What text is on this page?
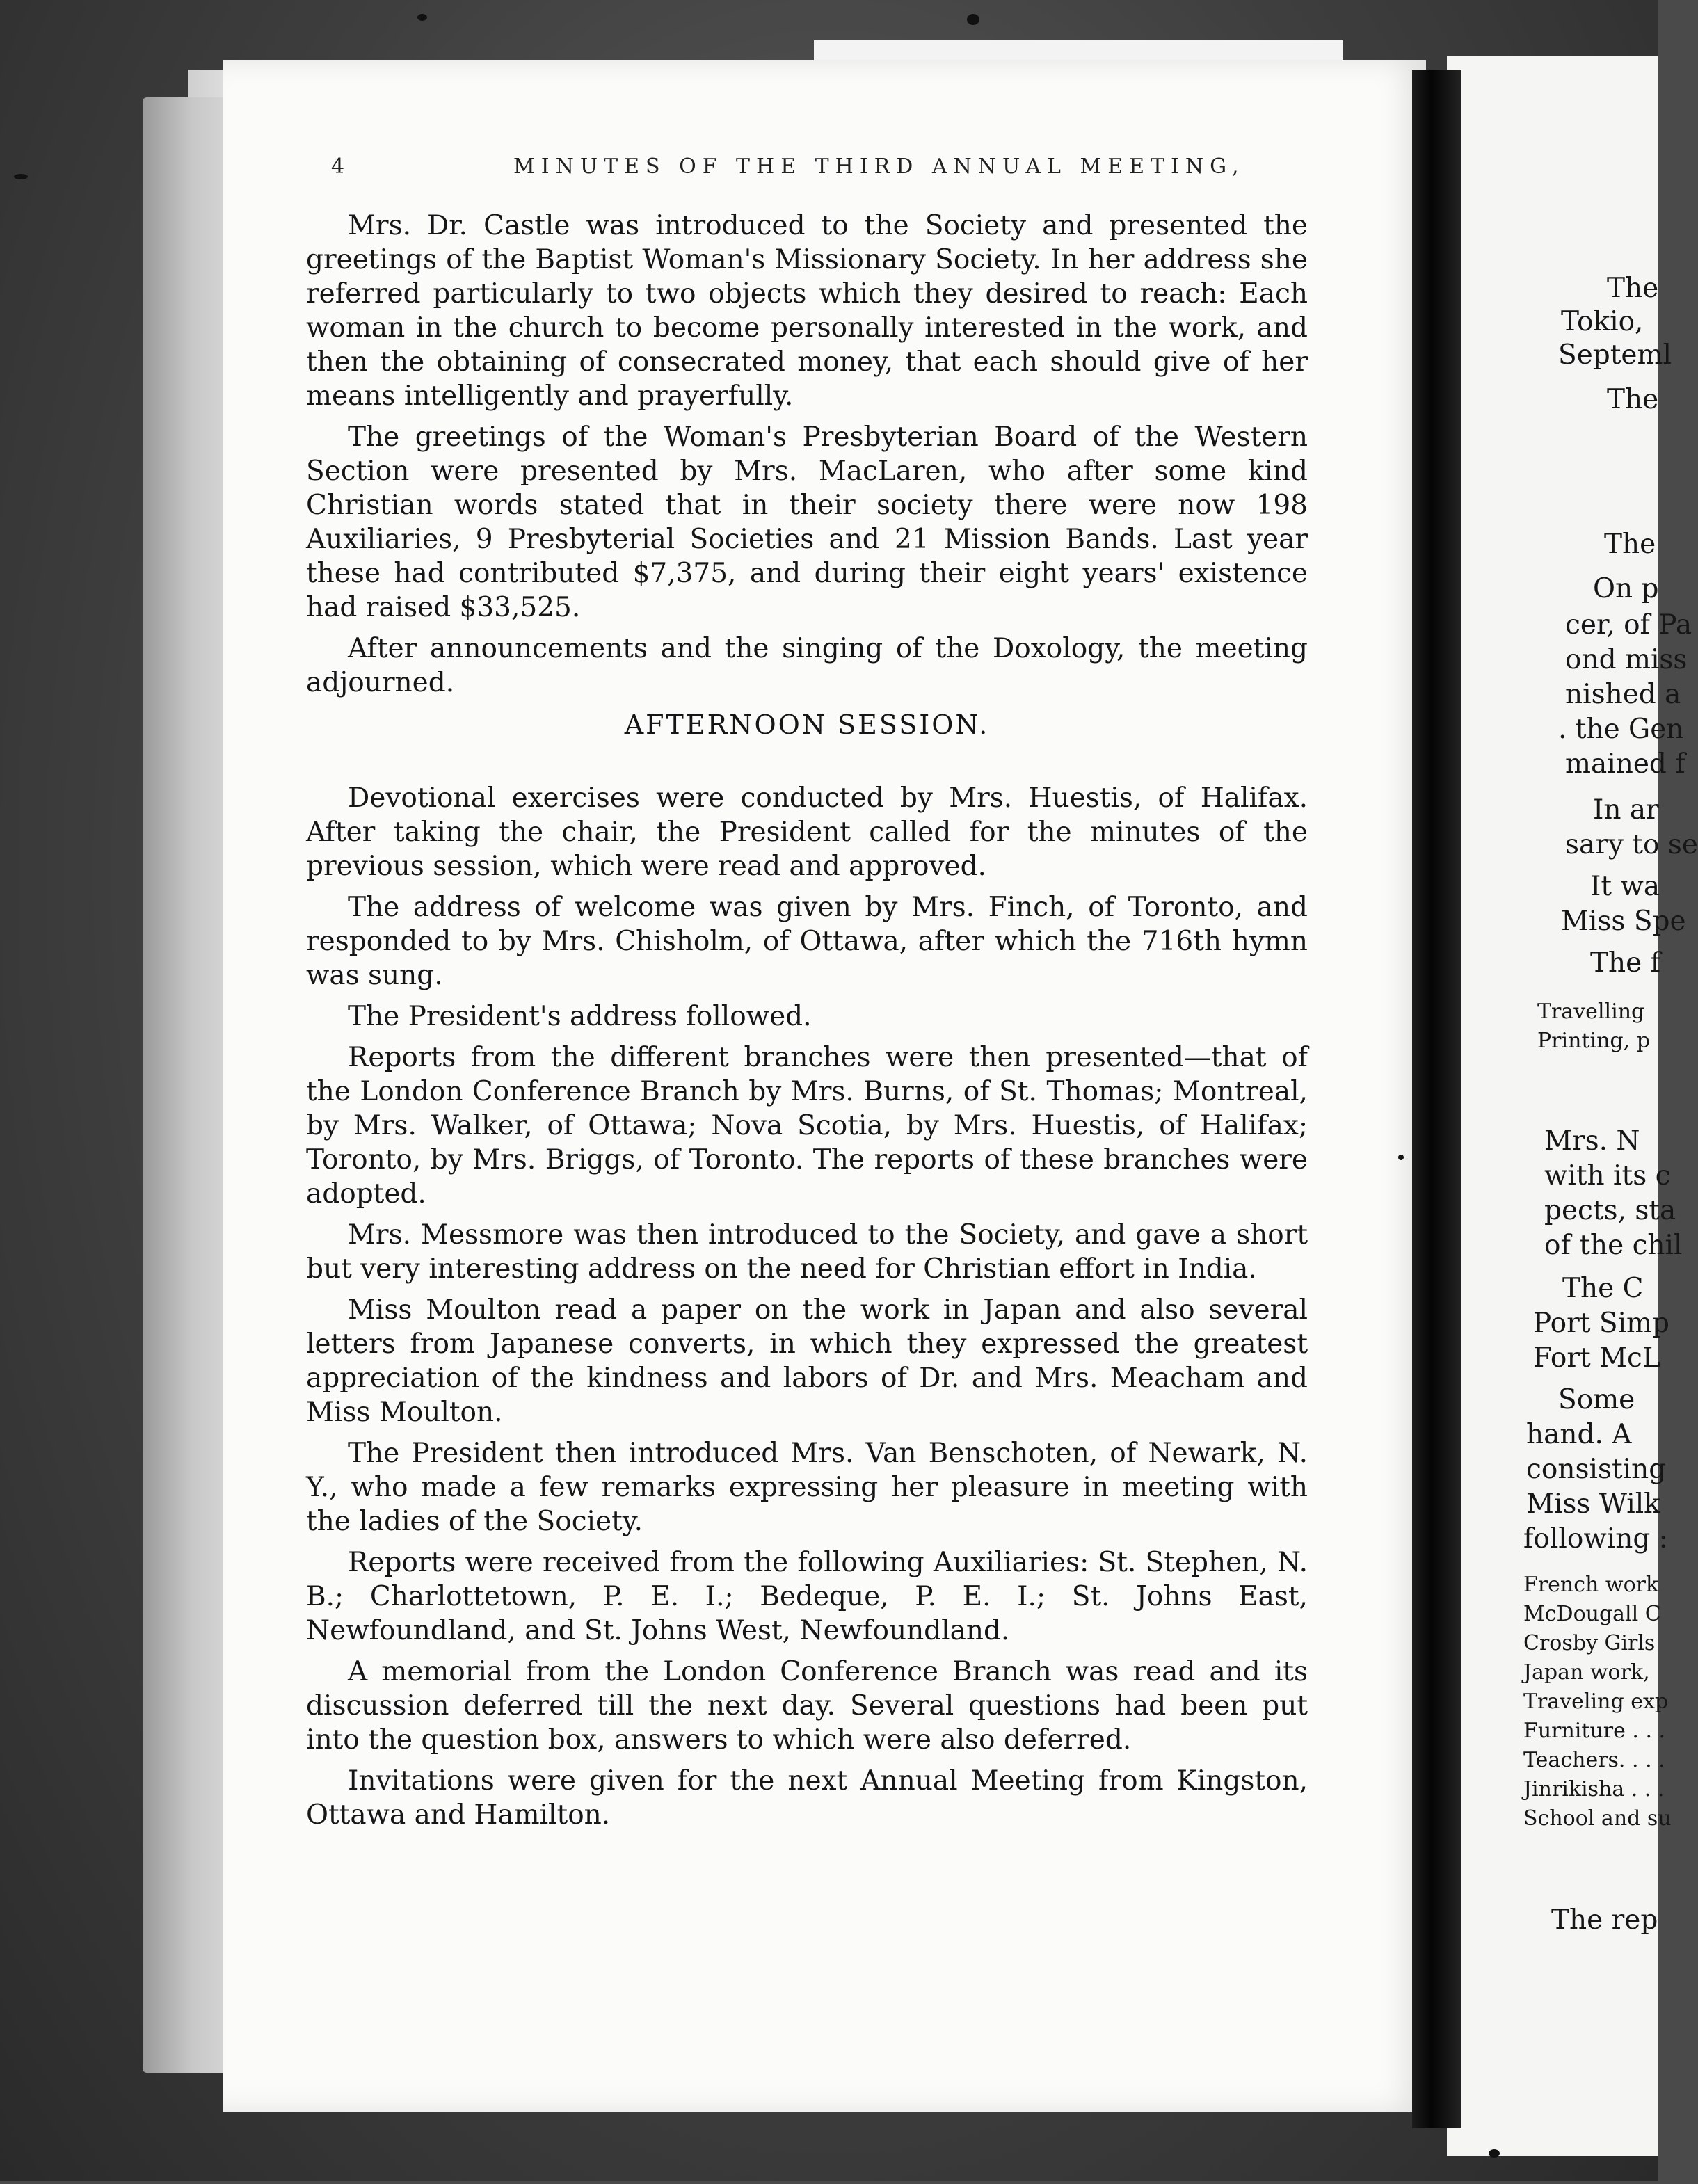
4	MINUTES OF THE THIRD ANNUAL MEETING,

Mrs. Dr. Castle was introduced to the Society and presented the greetings of the Baptist Woman's Missionary Society. In her address she referred particularly to two objects which they desired to reach: Each woman in the church to become personally interested in the work, and then the obtaining of consecrated money, that each should give of her means intelligently and prayerfully.

The greetings of the Woman's Presbyterian Board of the Western Section were presented by Mrs. MacLaren, who after some kind Christian words stated that in their society there were now 198 Auxiliaries, 9 Presbyterial Societies and 21 Mission Bands. Last year these had contributed $7,375, and during their eight years' existence had raised $33,525.

After announcements and the singing of the Doxology, the meeting adjourned.

AFTERNOON SESSION.

Devotional exercises were conducted by Mrs. Huestis, of Halifax. After taking the chair, the President called for the minutes of the previous session, which were read and approved.

The address of welcome was given by Mrs. Finch, of Toronto, and responded to by Mrs. Chisholm, of Ottawa, after which the 716th hymn was sung.

The President's address followed.

Reports from the different branches were then presented—that of the London Conference Branch by Mrs. Burns, of St. Thomas; Montreal, by Mrs. Walker, of Ottawa; Nova Scotia, by Mrs. Huestis, of Halifax; Toronto, by Mrs. Briggs, of Toronto. The reports of these branches were adopted.

Mrs. Messmore was then introduced to the Society, and gave a short but very interesting address on the need for Christian effort in India.

Miss Moulton read a paper on the work in Japan and also several letters from Japanese converts, in which they expressed the greatest appreciation of the kindness and labors of Dr. and Mrs. Meacham and Miss Moulton.

The President then introduced Mrs. Van Benschoten, of Newark, N. Y., who made a few remarks expressing her pleasure in meeting with the ladies of the Society.

Reports were received from the following Auxiliaries: St. Stephen, N. B.; Charlottetown, P. E. I.; Bedeque, P. E. I.; St. Johns East, Newfoundland, and St. Johns West, Newfoundland.

A memorial from the London Conference Branch was read and its discussion deferred till the next day. Several questions had been put into the question box, answers to which were also deferred.

Invitations were given for the next Annual Meeting from Kingston, Ottawa and Hamilton.

The
Tokio,
Septeml
The
The
On p
cer, of Pa
ond miss
nished a
. the Gen
mained f
In ar
sary to se
It wa
Miss Spe
The f
Travelling
Printing, p
Mrs. N
with its c
pects, sta
of the chil
The C
Port Simp
Fort McL
Some
hand. A
consisting
Miss Wilk
following :
French work
McDougall C
Crosby Girls
Japan work,
Traveling exp
Furniture . . .
Teachers. . . .
Jinrikisha . . .
School and su
The rep
